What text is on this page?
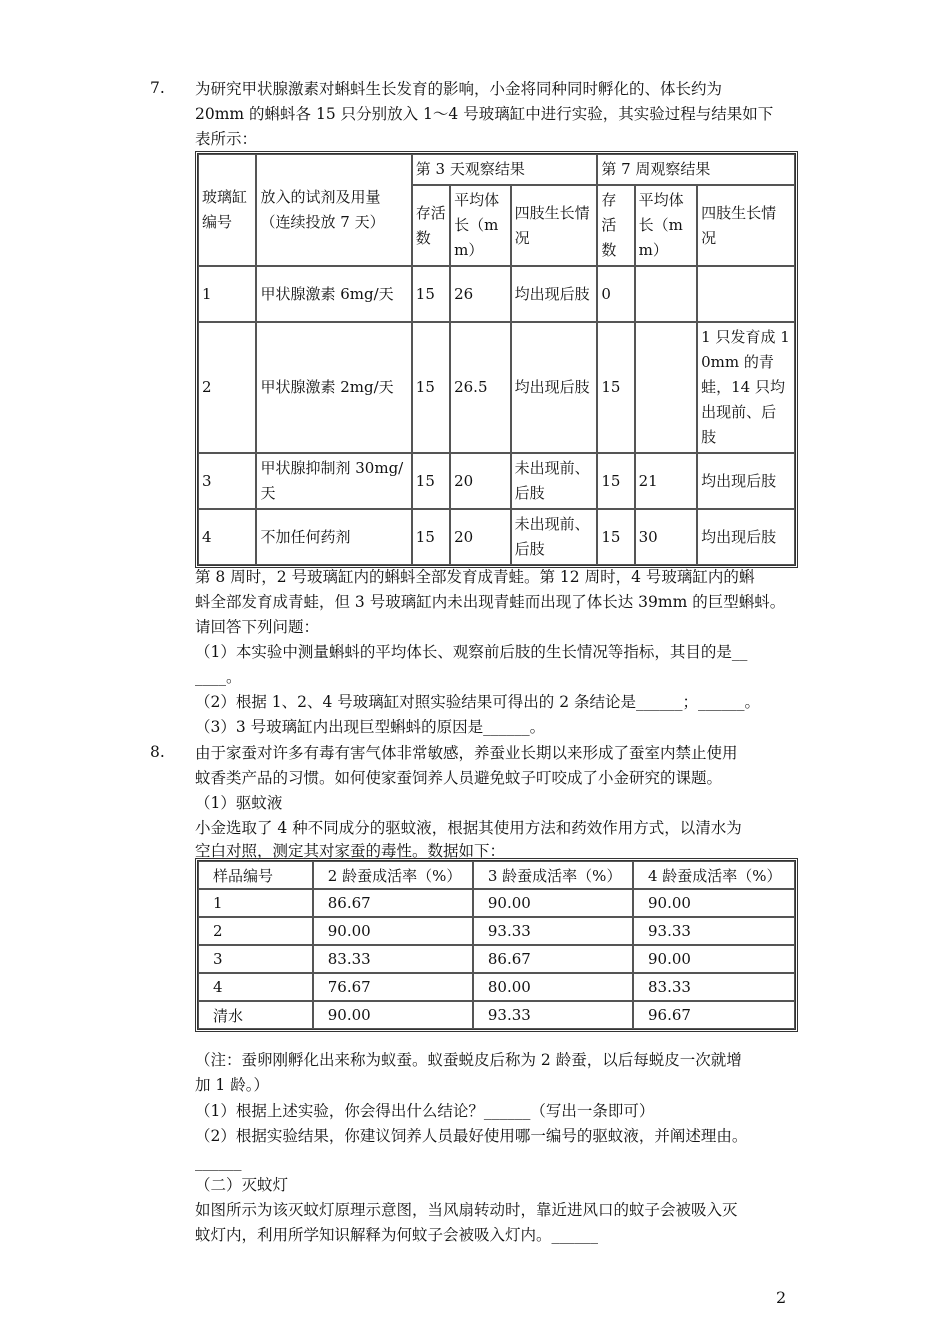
7. 为研究甲状腺激素对蝌蚪生长发育的影响，小金将同种同时孵化的、体长约为
20mm 的蝌蚪各 15 只分别放入 1～4 号玻璃缸中进行实验，其实验过程与结果如下
表所示：
玻璃缸编号	放入的试剂及用量（连续投放 7 天）	第 3 天观察结果			第 7 周观察结果		
		存活数	平均体长（mm）	四肢生长情况	存活数	平均体长（mm）	四肢生长情况
1	甲状腺激素 6mg/天	15	26	均出现后肢	0		
2	甲状腺激素 2mg/天	15	26.5	均出现后肢	15		1 只发育成 10mm 的青蛙，14 只均出现前、后肢
3	甲状腺抑制剂 30mg/天	15	20	未出现前、后肢	15	21	均出现后肢
4	不加任何药剂	15	20	未出现前、后肢	15	30	均出现后肢
第 8 周时，2 号玻璃缸内的蝌蚪全部发育成青蛙。第 12 周时，4 号玻璃缸内的蝌
蚪全部发育成青蛙，但 3 号玻璃缸内未出现青蛙而出现了体长达 39mm 的巨型蝌蚪。
请回答下列问题：
（1）本实验中测量蝌蚪的平均体长、观察前后肢的生长情况等指标，其目的是__
____。
（2）根据 1、2、4 号玻璃缸对照实验结果可得出的 2 条结论是______；______。
（3）3 号玻璃缸内出现巨型蝌蚪的原因是______。
8. 由于家蚕对许多有毒有害气体非常敏感，养蚕业长期以来形成了蚕室内禁止使用
蚊香类产品的习惯。如何使家蚕饲养人员避免蚊子叮咬成了小金研究的课题。
（1）驱蚊液
小金选取了 4 种不同成分的驱蚊液，根据其使用方法和药效作用方式，以清水为
空白对照，测定其对家蚕的毒性。数据如下：
样品编号	2 龄蚕成活率（%）	3 龄蚕成活率（%）	4 龄蚕成活率（%）
1	86.67	90.00	90.00
2	90.00	93.33	93.33
3	83.33	86.67	90.00
4	76.67	80.00	83.33
清水	90.00	93.33	96.67
（注：蚕卵刚孵化出来称为蚁蚕。蚁蚕蜕皮后称为 2 龄蚕，以后每蜕皮一次就增
加 1 龄。）
（1）根据上述实验，你会得出什么结论？______（写出一条即可）
（2）根据实验结果，你建议饲养人员最好使用哪一编号的驱蚊液，并阐述理由。
______
（二）灭蚊灯
如图所示为该灭蚊灯原理示意图，当风扇转动时，靠近进风口的蚊子会被吸入灭
蚊灯内，利用所学知识解释为何蚊子会被吸入灯内。______
2
